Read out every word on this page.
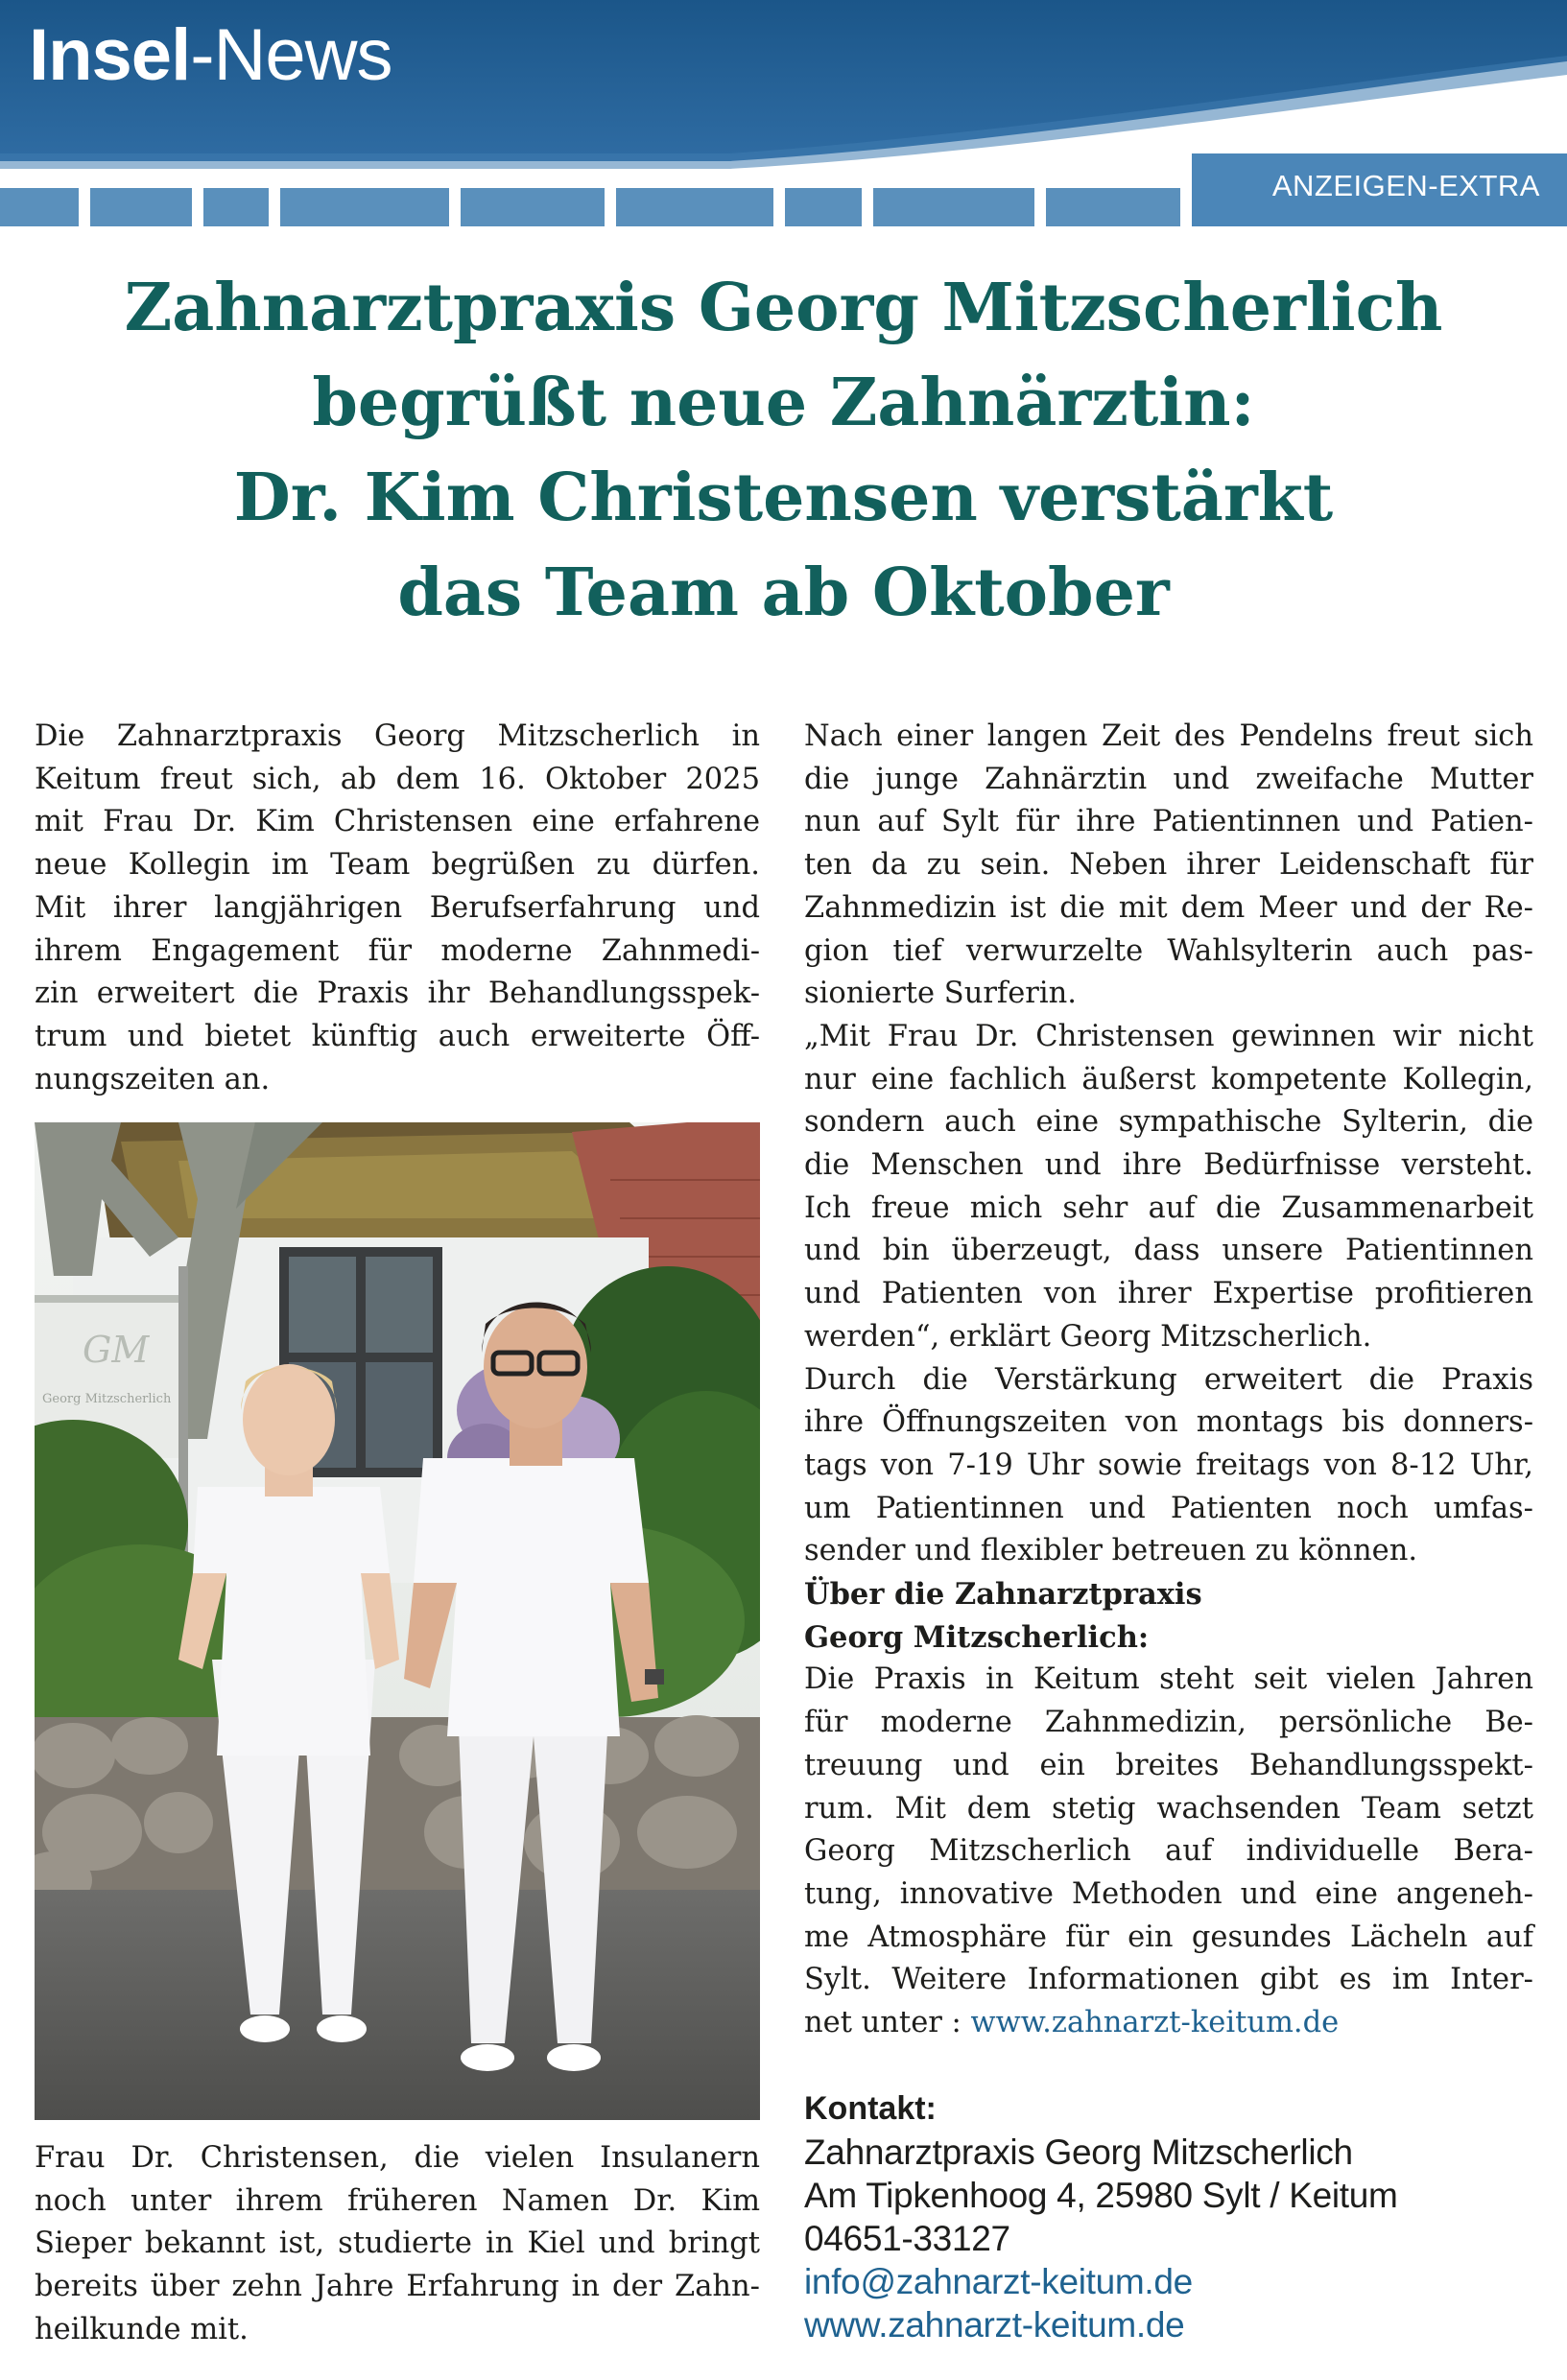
Insel-News
ANZEIGEN-EXTRA
Zahnarztpraxis Georg Mitzscherlich
begrüßt neue Zahnärztin:
Dr. Kim Christensen verstärkt
das Team ab Oktober

Die Zahnarztpraxis Georg Mitzscherlich in
Keitum freut sich, ab dem 16. Oktober 2025
mit Frau Dr. Kim Christensen eine erfahrene
neue Kollegin im Team begrüßen zu dürfen.
Mit ihrer langjährigen Berufserfahrung und
ihrem Engagement für moderne Zahnmedi-
zin erweitert die Praxis ihr Behandlungsspek-
trum und bietet künftig auch erweiterte Öff-
nungszeiten an.

GM
Georg Mitzscherlich

Frau Dr. Christensen, die vielen Insulanern
noch unter ihrem früheren Namen Dr. Kim
Sieper bekannt ist, studierte in Kiel und bringt
bereits über zehn Jahre Erfahrung in der Zahn-
heilkunde mit.

Nach einer langen Zeit des Pendelns freut sich
die junge Zahnärztin und zweifache Mutter
nun auf Sylt für ihre Patientinnen und Patien-
ten da zu sein. Neben ihrer Leidenschaft für
Zahnmedizin ist die mit dem Meer und der Re-
gion tief verwurzelte Wahlsylterin auch pas-
sionierte Surferin.

„Mit Frau Dr. Christensen gewinnen wir nicht
nur eine fachlich äußerst kompetente Kollegin,
sondern auch eine sympathische Sylterin, die
die Menschen und ihre Bedürfnisse versteht.
Ich freue mich sehr auf die Zusammenarbeit
und bin überzeugt, dass unsere Patientinnen
und Patienten von ihrer Expertise profitieren
werden“, erklärt Georg Mitzscherlich.

Durch die Verstärkung erweitert die Praxis
ihre Öffnungszeiten von montags bis donners-
tags von 7-19 Uhr sowie freitags von 8-12 Uhr,
um Patientinnen und Patienten noch umfas-
sender und flexibler betreuen zu können.

Über die Zahnarztpraxis
Georg Mitzscherlich:

Die Praxis in Keitum steht seit vielen Jahren
für moderne Zahnmedizin, persönliche Be-
treuung und ein breites Behandlungsspekt-
rum. Mit dem stetig wachsenden Team setzt
Georg Mitzscherlich auf individuelle Bera-
tung, innovative Methoden und eine angeneh-
me Atmosphäre für ein gesundes Lächeln auf
Sylt. Weitere Informationen gibt es im Inter-
net unter : www.zahnarzt-keitum.de

Kontakt:

Zahnarztpraxis Georg Mitzscherlich
Am Tipkenhoog 4, 25980 Sylt / Keitum
04651-33127
info@zahnarzt-keitum.de
www.zahnarzt-keitum.de
